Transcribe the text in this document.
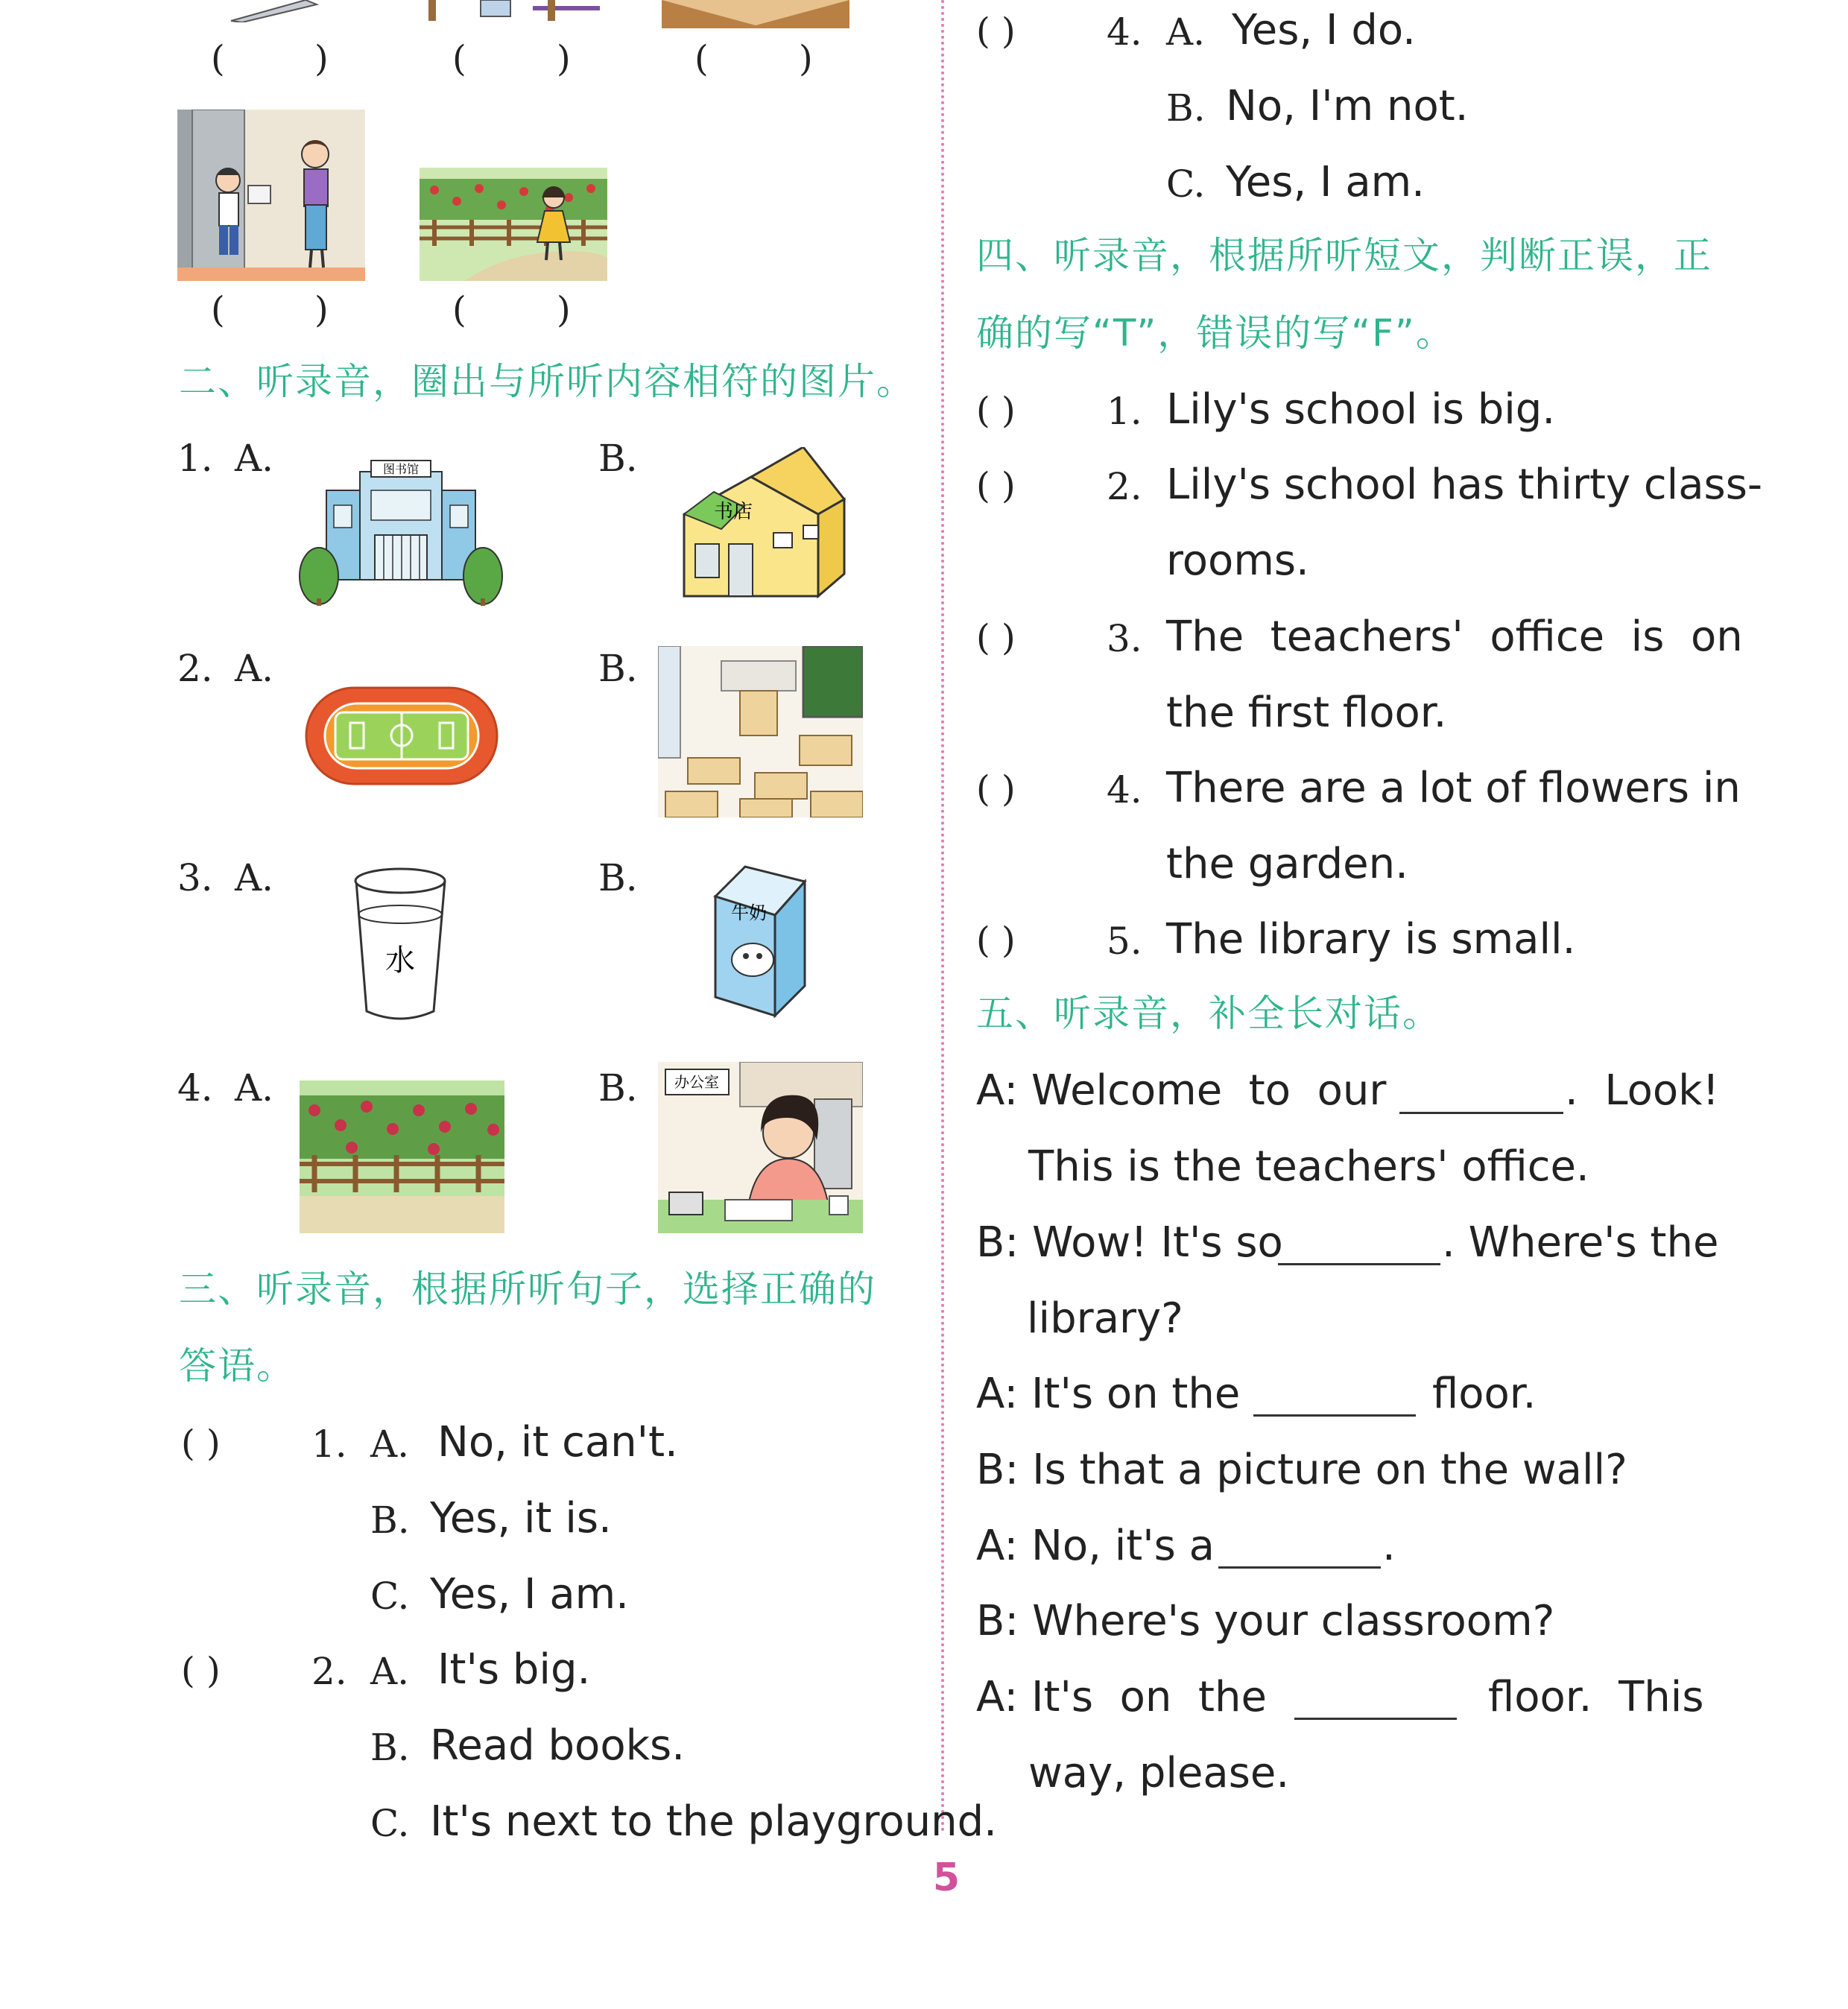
(	)	(	)	(	)
(	)	(	)
二、听录音，圈出与所听内容相符的图片。
1. A.	B.
图书馆
书店
2. A.	B.
3. A.	B.
水
牛奶
4. A.	B. 办公室
三、听录音，根据所听句子，选择正确的
答语。
( ) 1. A. No, it can't.
B. Yes, it is.
C. Yes, I am.
( ) 2. A. It's big.
B. Read books.
C. It's next to the playground.
( ) 4. A. Yes, I do.
B. No, I'm not.
C. Yes, I am.
四、听录音，根据所听短文，判断正误，正
确的写“T”，错误的写“F”。
( ) 1. Lily's school is big.
( ) 2. Lily's school has thirty class-
rooms.
( ) 3. The  teachers'  office  is  on
the first floor.
( ) 4. There are a lot of flowers in
the garden.
( ) 5. The library is small.
五、听录音，补全长对话。
A: Welcome  to  our	.  Look!
This is the teachers' office.
B: Wow! It's so	. Where's the
library?
A: It's on the	floor.
B: Is that a picture on the wall?
A: No, it's a	.
B: Where's your classroom?
A: It's  on  the	floor.  This
way, please.
5
